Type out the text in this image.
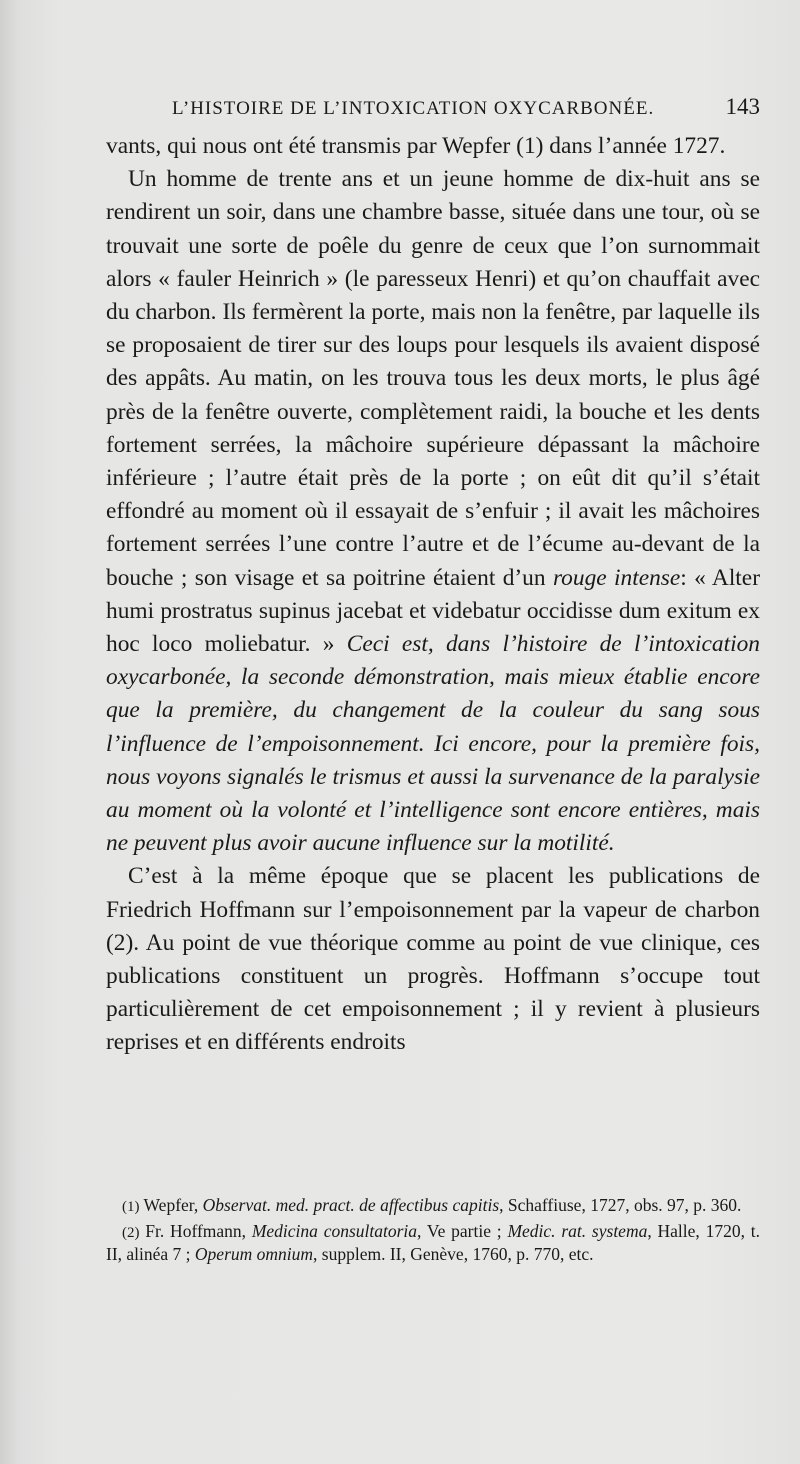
L’HISTOIRE DE L’INTOXICATION OXYCARBONÉE.	143

vants, qui nous ont été transmis par Wepfer (1) dans l’année 1727.

Un homme de trente ans et un jeune homme de dix-huit ans se rendirent un soir, dans une chambre basse, située dans une tour, où se trouvait une sorte de poêle du genre de ceux que l’on surnommait alors « fauler Heinrich » (le paresseux Henri) et qu’on chauffait avec du charbon. Ils fermèrent la porte, mais non la fenêtre, par laquelle ils se proposaient de tirer sur des loups pour lesquels ils avaient disposé des appâts. Au matin, on les trouva tous les deux morts, le plus âgé près de la fenêtre ouverte, complètement raidi, la bouche et les dents fortement serrées, la mâchoire supérieure dépassant la mâchoire inférieure ; l’autre était près de la porte ; on eût dit qu’il s’était effondré au moment où il essayait de s’enfuir ; il avait les mâchoires fortement serrées l’une contre l’autre et de l’écume au-devant de la bouche ; son visage et sa poitrine étaient d’un rouge intense: « Alter humi prostratus supinus jacebat et videbatur occidisse dum exitum ex hoc loco moliebatur. » Ceci est, dans l’histoire de l’intoxication oxycarbonée, la seconde démonstration, mais mieux établie encore que la première, du changement de la couleur du sang sous l’influence de l’empoisonnement. Ici encore, pour la première fois, nous voyons signalés le trismus et aussi la survenance de la paralysie au moment où la volonté et l’intelligence sont encore entières, mais ne peuvent plus avoir aucune influence sur la motilité.

C’est à la même époque que se placent les publications de Friedrich Hoffmann sur l’empoisonnement par la vapeur de charbon (2). Au point de vue théorique comme au point de vue clinique, ces publications constituent un progrès. Hoffmann s’occupe tout particulièrement de cet empoisonnement ; il y revient à plusieurs reprises et en différents endroits

(1) Wepfer, Observat. med. pract. de affectibus capitis, Schaffiuse, 1727, obs. 97, p. 360.

(2) Fr. Hoffmann, Medicina consultatoria, Ve partie ; Medic. rat. systema, Halle, 1720, t. II, alinéa 7 ; Operum omnium, supplem. II, Genève, 1760, p. 770, etc.
